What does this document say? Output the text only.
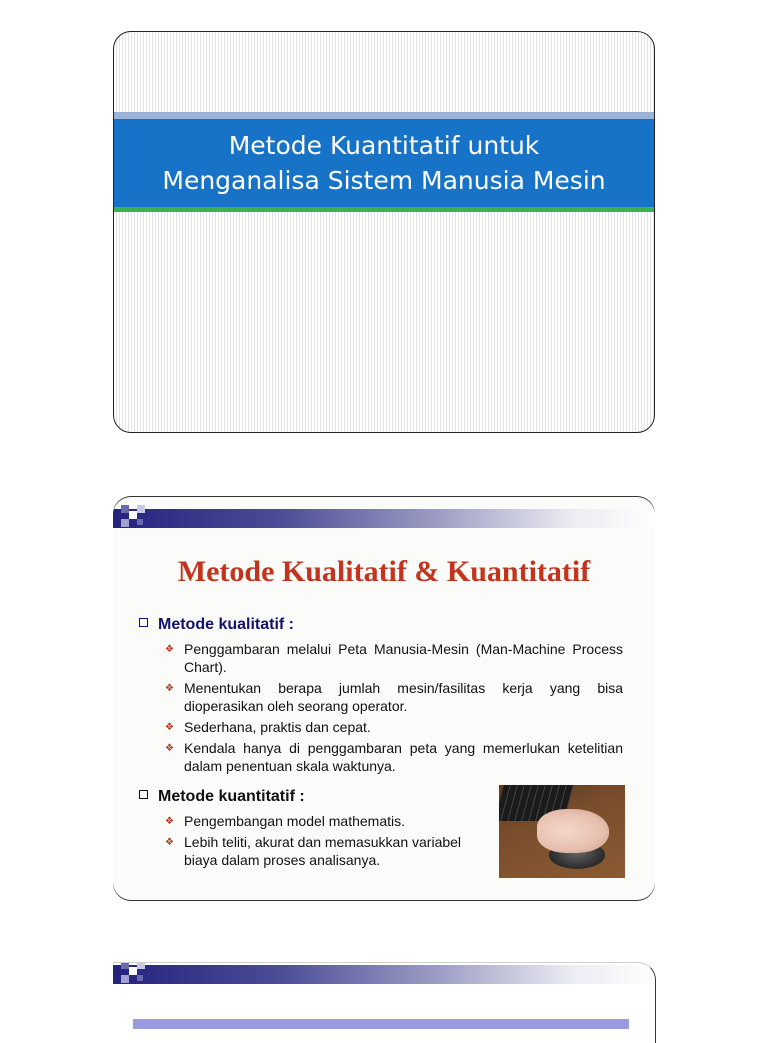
Metode Kuantitatif untuk
Menganalisa Sistem Manusia Mesin
Metode Kualitatif & Kuantitatif
Metode kualitatif :
❖ Penggambaran melalui Peta Manusia-Mesin (Man-Machine Process Chart).
❖ Menentukan berapa jumlah mesin/fasilitas kerja yang bisa dioperasikan oleh seorang operator.
❖ Sederhana, praktis dan cepat.
❖ Kendala hanya di penggambaran peta yang memerlukan ketelitian dalam penentuan skala waktunya.
Metode kuantitatif :
❖ Pengembangan model mathematis.
❖ Lebih teliti, akurat dan memasukkan variabel biaya dalam proses analisanya.
